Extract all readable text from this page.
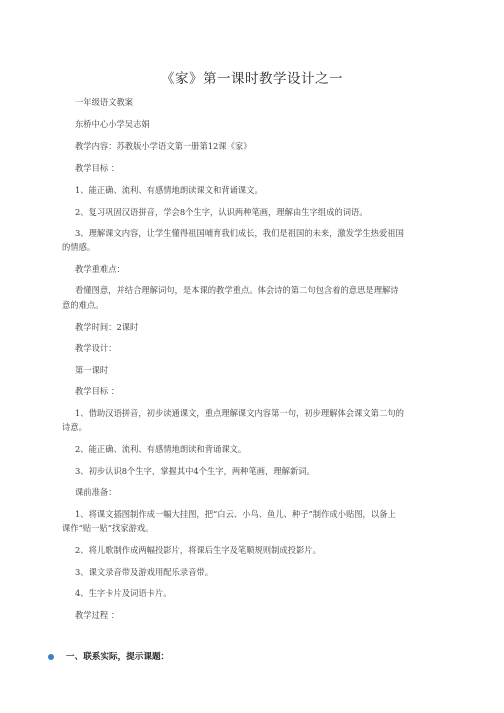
《家》第一课时教学设计之一
一年级语文教案
东桥中心小学吴志娟
教学内容：苏教版小学语文第一册第12课《家》
教学目标 ：
1、能正确、流利、有感情地朗读课文和背诵课文。
2、复习巩固汉语拼音，学会8个生字，认识两种笔画，理解由生字组成的词语。
3、理解课文内容，让学生懂得祖国哺育我们成长，我们是祖国的未来，激发学生热爱祖国
的情感。
教学重难点：
看懂图意，并结合理解词句，是本课的教学重点。体会诗的第二句包含着的意思是理解诗
意的难点。
教学时间：2课时
教学设计：
第一课时
教学目标 ：
1、借助汉语拼音，初步读通课文，重点理解课文内容第一句，初步理解体会课文第二句的
诗意。
2、能正确、流利、有感情地朗读和背诵课文。
3、初步认识8个生字，掌握其中4个生字，两种笔画，理解新词。
课前准备：
1、将课文插图制作成一幅大挂图，把“白云、小鸟、鱼儿、种子”制作成小贴图，以备上
课作“贴一贴”找家游戏。
2、将儿歌制作成两幅投影片，将课后生字及笔顺规则制成投影片。
3、课文录音带及游戏用配乐录音带。
4、生字卡片及词语卡片。
教学过程 ：
一、联系实际，提示课题：
